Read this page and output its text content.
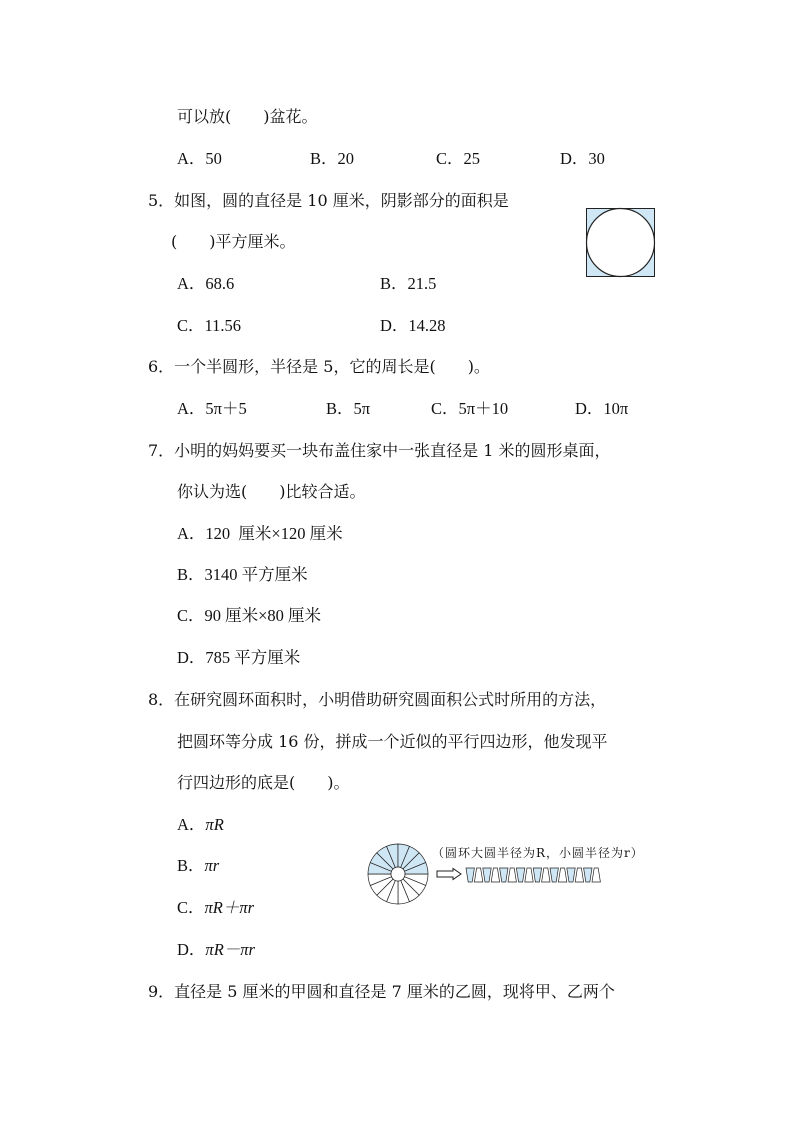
可以放(　　)盆花。
A．50	B．20	C．25	D．30
5．如图，圆的直径是 10 厘米，阴影部分的面积是
(　　)平方厘米。
A．68.6	B．21.5
C．11.56	D．14.28
6．一个半圆形，半径是 5，它的周长是(　　)。
A．5π＋5	B．5π	C．5π＋10	D．10π
7．小明的妈妈要买一块布盖住家中一张直径是 1 米的圆形桌面，
你认为选(　　)比较合适。
A．120  厘米×120 厘米
B．3140 平方厘米
C．90 厘米×80 厘米
D．785 平方厘米
8．在研究圆环面积时，小明借助研究圆面积公式时所用的方法，
把圆环等分成 16 份，拼成一个近似的平行四边形，他发现平
行四边形的底是(　　)。
A．πR
B．πr
C．πR＋πr
D．πR－πr
（圆环大圆半径为R，小圆半径为r）
9．直径是 5 厘米的甲圆和直径是 7 厘米的乙圆，现将甲、乙两个
